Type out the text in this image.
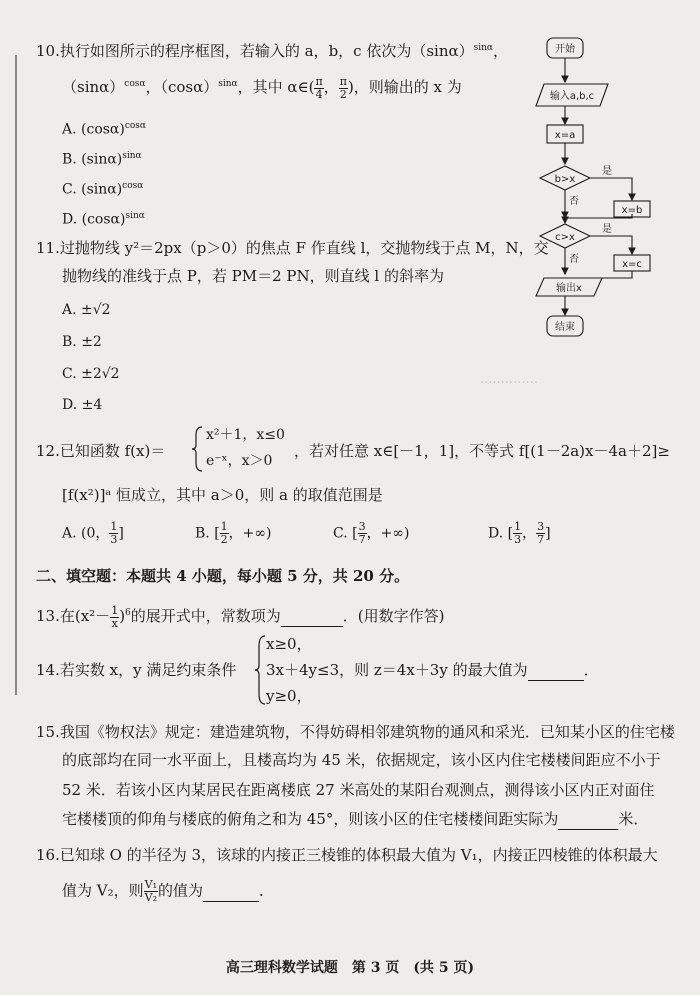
..............
10.执行如图所示的程序框图，若输入的 a，b，c 依次为$(\sin\alpha)^{sin\alpha}$，
$(\sin\alpha)^{cos\alpha}$，$(\cos\alpha)^{sin\alpha}$，其中 α∈( $\frac{\pi}{4}$ ， $\frac{\pi}{2}$ )，则输出的 x 为
A. $(\cos\alpha)^{cos\alpha}$
B. $(\sin\alpha)^{sin\alpha}$
C. $(\sin\alpha)^{cos\alpha}$
D. $(\cos\alpha)^{sin\alpha}$
开始
输入a,b,c
x=a
b>x
是
x=b
否
c>x
是
x=c
否
输出x
结束
11.过抛物线 y²＝2px（p＞0）的焦点 F 作直线 l，交抛物线于点 M，N，交
抛物线的准线于点 P，若 PM＝2 PN，则直线 l 的斜率为
A. ±√2
B. ±2
C. ±2√2
D. ±4
12.已知函数 f(x)＝
x²＋1，x≤0
e⁻ˣ，x＞0
，若对任意 x∈[－1，1]，不等式 f[(1－2a)x－4a＋2]≥
[f(x²)]ᵃ 恒成立，其中 a＞0，则 a 的取值范围是
A. (0， $\frac{1}{3}$ ]	B. [ $\frac{1}{2}$ ，+∞)	C. [ $\frac{3}{7}$ ，+∞)	D. [ $\frac{1}{3}$ ， $\frac{3}{7}$ ]
二、填空题：本题共 4 小题，每小题 5 分，共 20 分。
13.在$(x^2- \frac{1}{x} )^6$的展开式中，常数项为	．(用数字作答)
14.若实数 x，y 满足约束条件
x≥0，
3x＋4y≤3，则 z＝4x＋3y 的最大值为	．
y≥0，
15.我国《物权法》规定：建造建筑物，不得妨碍相邻建筑物的通风和采光．已知某小区的住宅楼
的底部均在同一水平面上，且楼高均为 45 米，依据规定，该小区内住宅楼楼间距应不小于
52 米．若该小区内某居民在距离楼底 27 米高处的某阳台观测点，测得该小区内正对面住
宅楼楼顶的仰角与楼底的俯角之和为 45°，则该小区的住宅楼楼间距实际为	米．
16.已知球 O 的半径为 3，该球的内接正三棱锥的体积最大值为 V₁，内接正四棱锥的体积最大
值为 V₂，则 $\frac{\text{V₁}}{\text{V₂}}$ 的值为	．
高三理科数学试题　第 3 页　(共 5 页)
